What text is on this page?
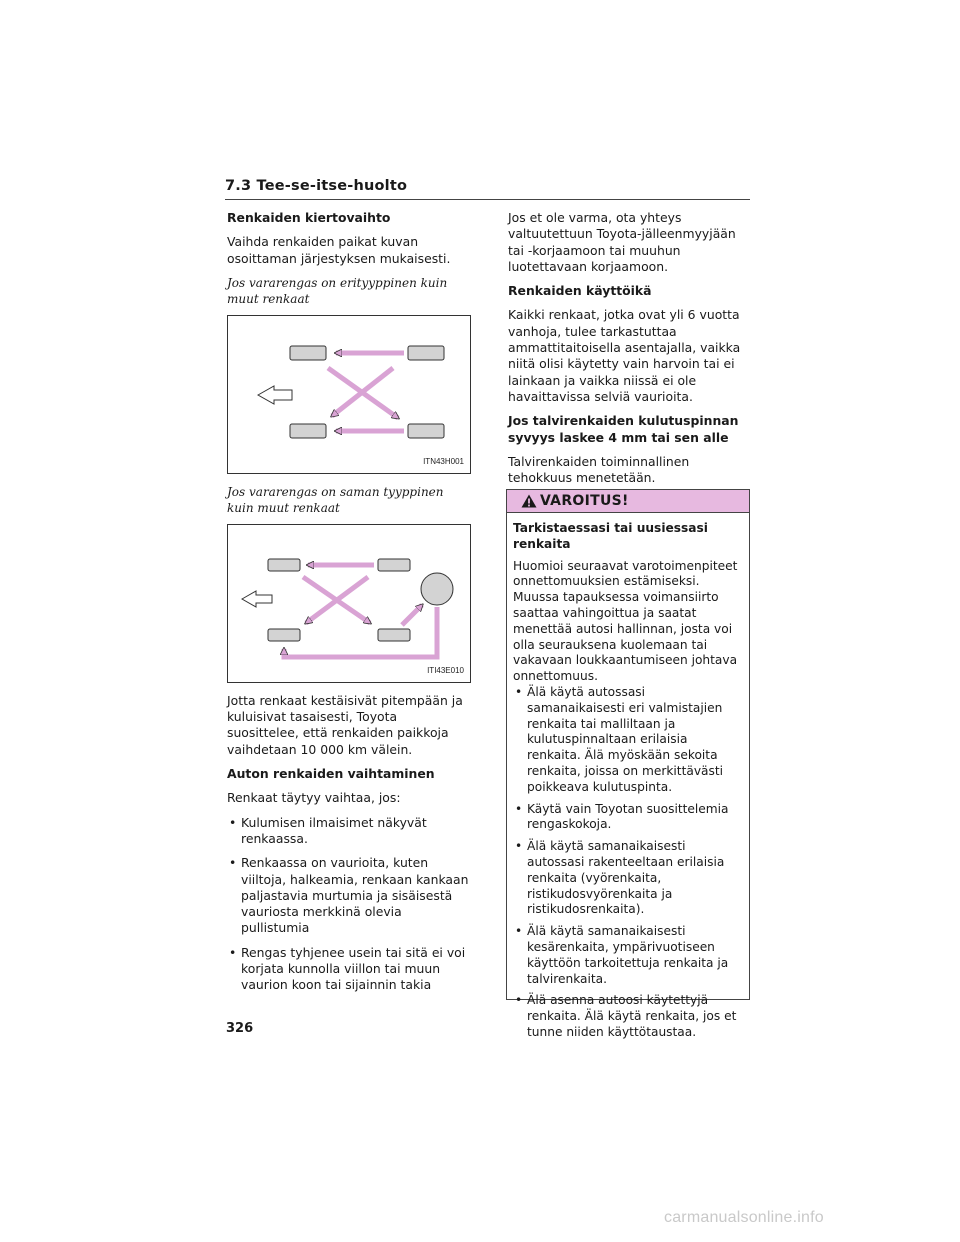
7.3 Tee-se-itse-huolto

Renkaiden kiertovaihto

Vaihda renkaiden paikat kuvan osoittaman järjestyksen mukaisesti.

Jos vararengas on erityyppinen kuin muut renkaat

ITN43H001

Jos vararengas on saman tyyppinen kuin muut renkaat

ITI43E010

Jotta renkaat kestäisivät pitempään ja kuluisivat tasaisesti, Toyota suosittelee, että renkaiden paikkoja vaihdetaan 10 000 km välein.

Auton renkaiden vaihtaminen

Renkaat täytyy vaihtaa, jos:

• Kulumisen ilmaisimet näkyvät renkaassa.
• Renkaassa on vaurioita, kuten viiltoja, halkeamia, renkaan kankaan paljastavia murtumia ja sisäisestä vauriosta merkkinä olevia pullistumia
• Rengas tyhjenee usein tai sitä ei voi korjata kunnolla viillon tai muun vaurion koon tai sijainnin takia

Jos et ole varma, ota yhteys valtuutettuun Toyota-jälleenmyyjään tai -korjaamoon tai muuhun luotettavaan korjaamoon.

Renkaiden käyttöikä

Kaikki renkaat, jotka ovat yli 6 vuotta vanhoja, tulee tarkastuttaa ammattitaitoisella asentajalla, vaikka niitä olisi käytetty vain harvoin tai ei lainkaan ja vaikka niissä ei ole havaittavissa selviä vaurioita.

Jos talvirenkaiden kulutuspinnan syvyys laskee 4 mm tai sen alle

Talvirenkaiden toiminnallinen tehokkuus menetetään.

VAROITUS!

Tarkistaessasi tai uusiessasi renkaita

Huomioi seuraavat varotoimenpiteet onnettomuuksien estämiseksi. Muussa tapauksessa voimansiirto saattaa vahingoittua ja saatat menettää autosi hallinnan, josta voi olla seurauksena kuolemaan tai vakavaan loukkaantumiseen johtava onnettomuus.

• Älä käytä autossasi samanaikaisesti eri valmistajien renkaita tai malliltaan ja kulutuspinnaltaan erilaisia renkaita. Älä myöskään sekoita renkaita, joissa on merkittävästi poikkeava kulutuspinta.
• Käytä vain Toyotan suosittelemia rengaskokoja.
• Älä käytä samanaikaisesti autossasi rakenteeltaan erilaisia renkaita (vyörenkaita, ristikudosvyörenkaita ja ristikudosrenkaita).
• Älä käytä samanaikaisesti kesärenkaita, ympärivuotiseen käyttöön tarkoitettuja renkaita ja talvirenkaita.
• Älä asenna autoosi käytettyjä renkaita. Älä käytä renkaita, jos et tunne niiden käyttötaustaa.
326
carmanualsonline.info
